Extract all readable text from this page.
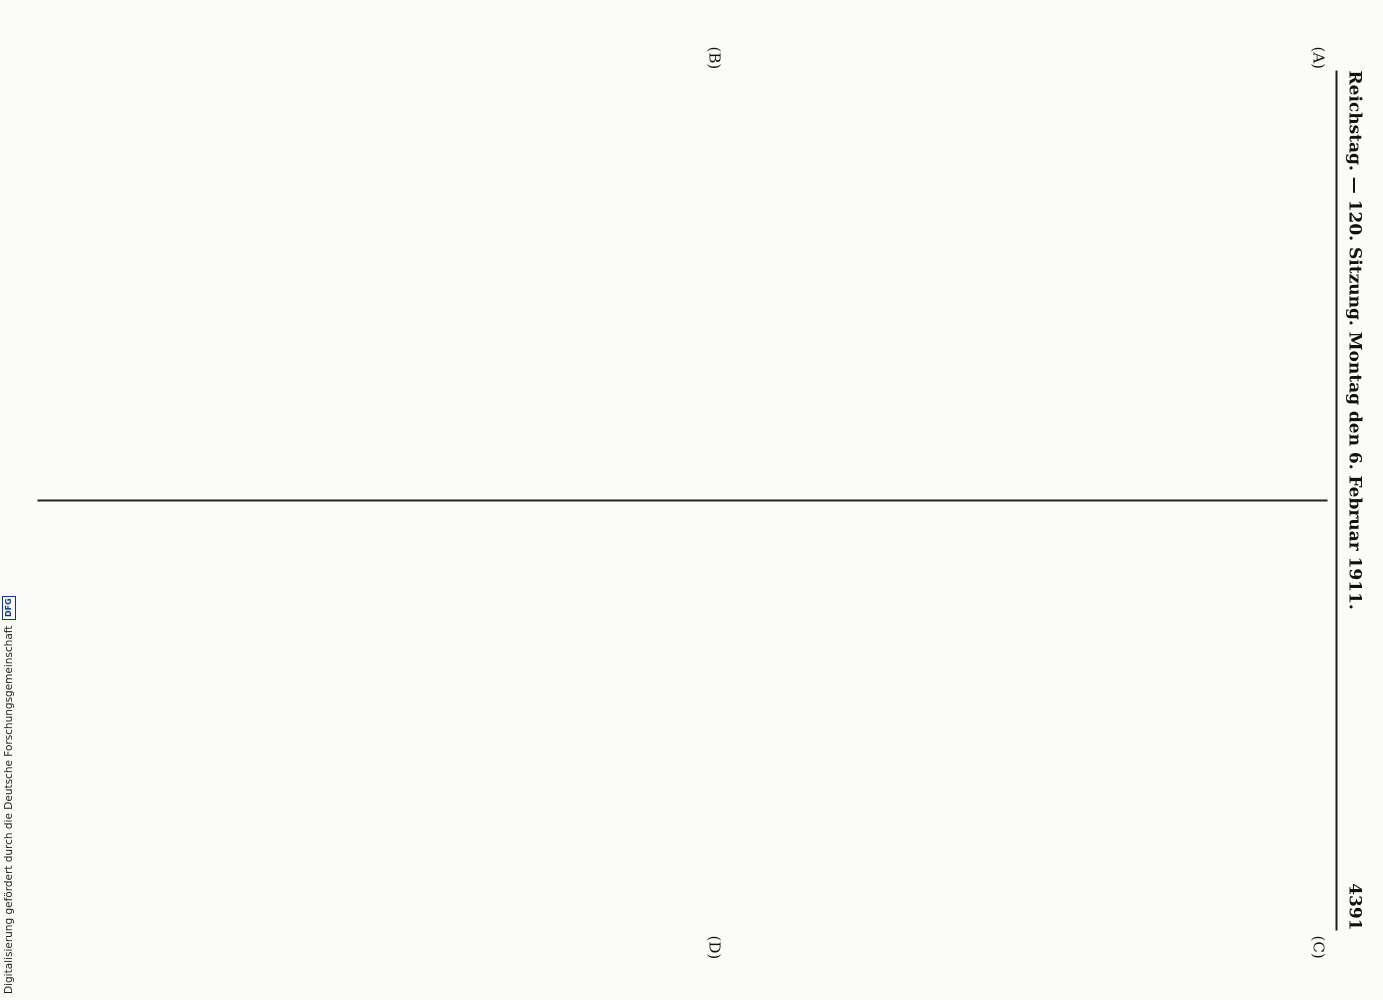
Reichstag. — 120. Sitzung. Montag den 6. Februar 1911.
4391
(A)
(B)
(C)
(D)
Digitalisierung gefördert durch die Deutsche Forschungsgemeinschaft
DFG
